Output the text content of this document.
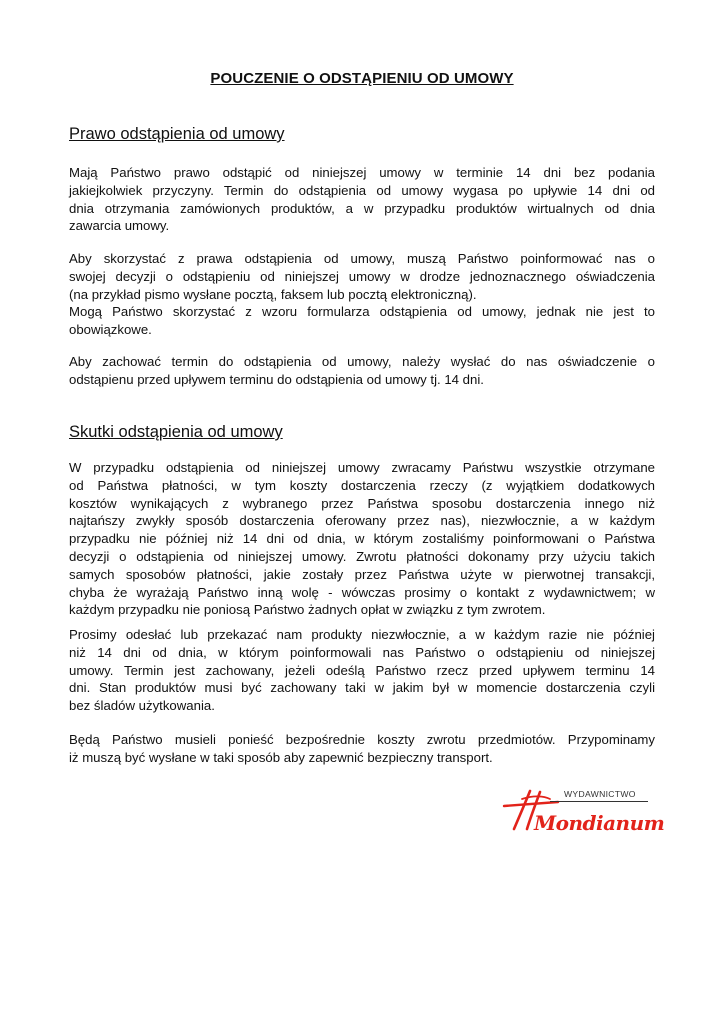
POUCZENIE O ODSTĄPIENIU OD UMOWY
Prawo odstąpienia od umowy

Mają Państwo prawo odstąpić od niniejszej umowy w terminie 14 dni bez podania
jakiejkolwiek przyczyny. Termin do odstąpienia od umowy wygasa po upływie 14 dni od
dnia otrzymania zamówionych produktów, a w przypadku produktów wirtualnych od dnia
zawarcia umowy.

Aby skorzystać z prawa odstąpienia od umowy, muszą Państwo poinformować nas o
swojej decyzji o odstąpieniu od niniejszej umowy w drodze jednoznacznego oświadczenia
(na przykład pismo wysłane pocztą, faksem lub pocztą elektroniczną).
Mogą Państwo skorzystać z wzoru formularza odstąpienia od umowy, jednak nie jest to
obowiązkowe.

Aby zachować termin do odstąpienia od umowy, należy wysłać do nas oświadczenie o
odstąpienu przed upływem terminu do odstąpienia od umowy tj. 14 dni.

Skutki odstąpienia od umowy

W przypadku odstąpienia od niniejszej umowy zwracamy Państwu wszystkie otrzymane
od Państwa płatności, w tym koszty dostarczenia rzeczy (z wyjątkiem dodatkowych
kosztów wynikających z wybranego przez Państwa sposobu dostarczenia innego niż
najtańszy zwykły sposób dostarczenia oferowany przez nas), niezwłocznie, a w każdym
przypadku nie później niż 14 dni od dnia, w którym zostaliśmy poinformowani o Państwa
decyzji o odstąpienia od niniejszej umowy. Zwrotu płatności dokonamy przy użyciu takich
samych sposobów płatności, jakie zostały przez Państwa użyte w pierwotnej transakcji,
chyba że wyrażają Państwo inną wolę - wówczas prosimy o kontakt z wydawnictwem; w
każdym przypadku nie poniosą Państwo żadnych opłat w związku z tym zwrotem.

Prosimy odesłać lub przekazać nam produkty niezwłocznie, a w każdym razie nie później
niż 14 dni od dnia, w którym poinformowali nas Państwo o odstąpieniu od niniejszej
umowy. Termin jest zachowany, jeżeli odeślą Państwo rzecz przed upływem terminu 14
dni. Stan produktów musi być zachowany taki w jakim był w momencie dostarczenia czyli
bez śladów użytkowania.

Będą Państwo musieli ponieść bezpośrednie koszty zwrotu przedmiotów. Przypominamy
iż muszą być wysłane w taki sposób aby zapewnić bezpieczny transport.

WYDAWNICTWO
Mondianum
